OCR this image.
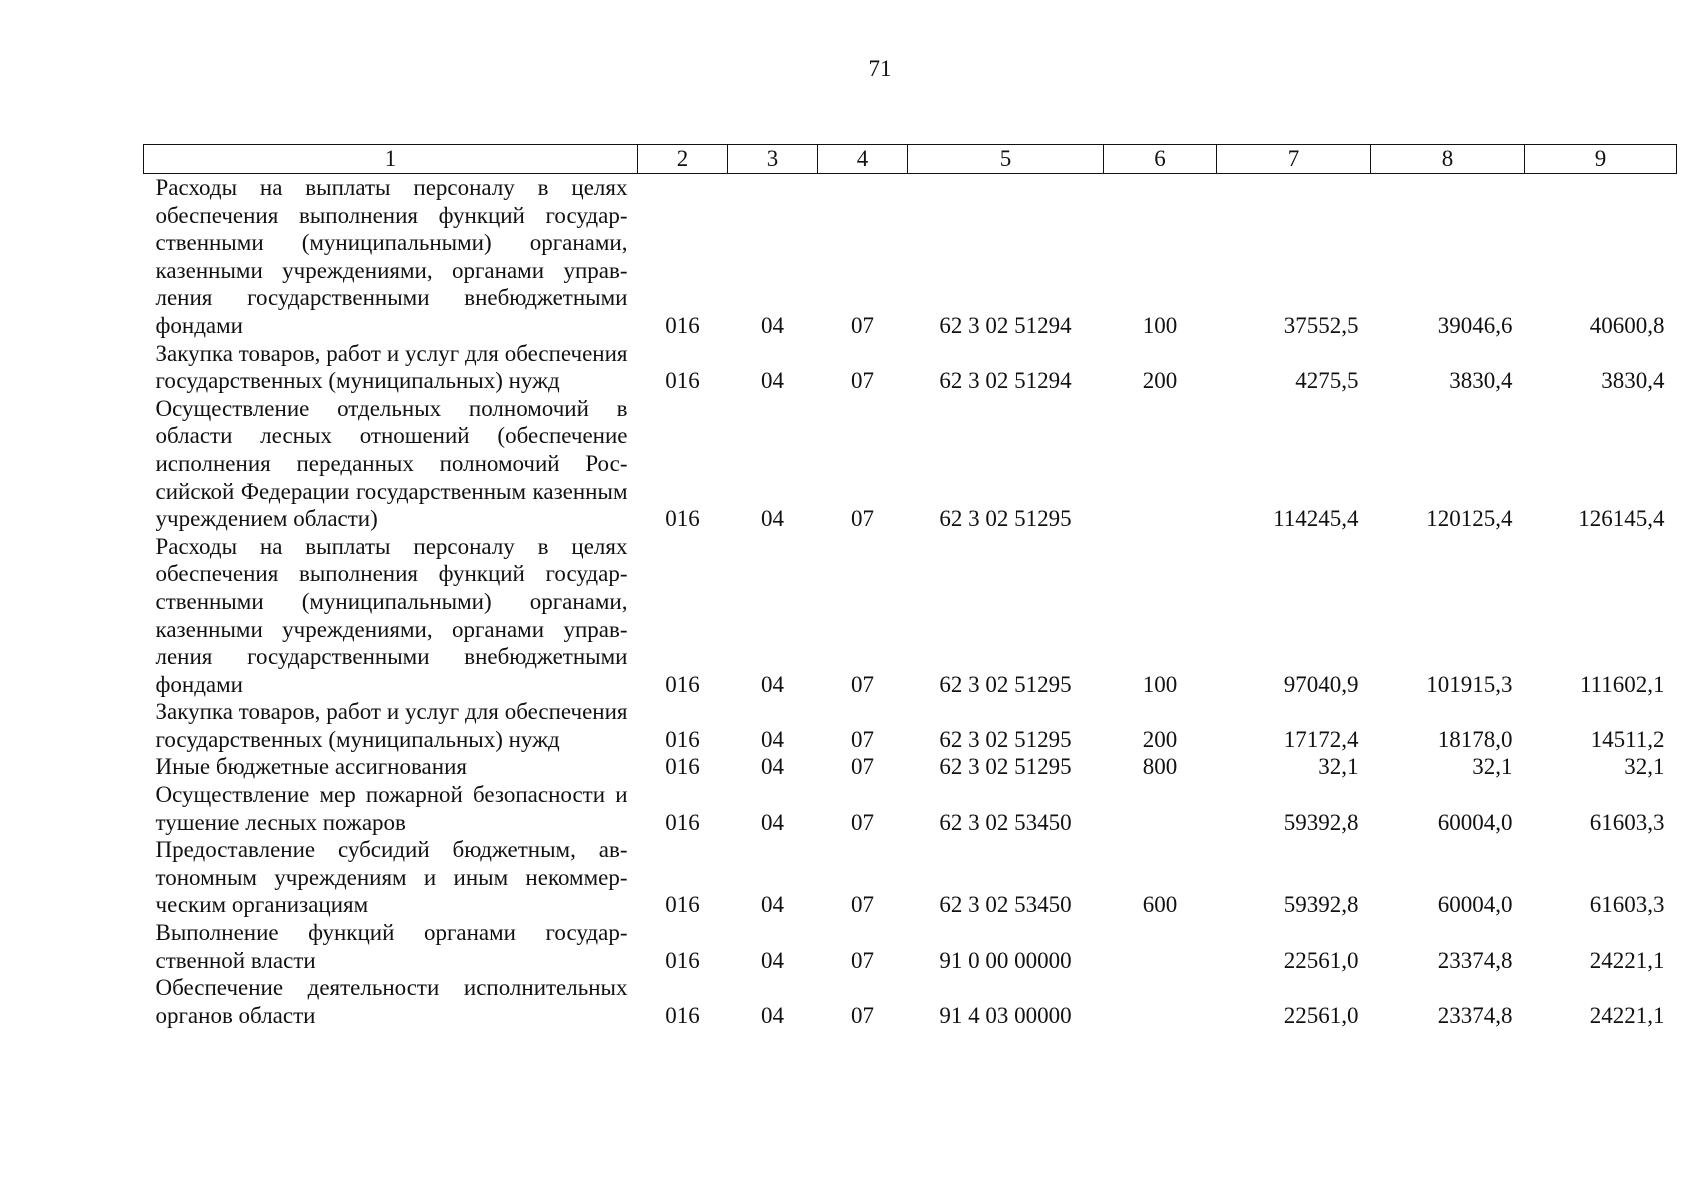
71
1	2	3	4	5	6	7	8	9
Расходы на выплаты персоналу в целях обеспечения выполнения функций государственными (муниципальными) органами, казенными учреждениями, органами управления государственными внебюджетными фондами	016	04	07	62 3 02 51294	100	37552,5	39046,6	40600,8
Закупка товаров, работ и услуг для обеспечения государственных (муниципальных) нужд	016	04	07	62 3 02 51294	200	4275,5	3830,4	3830,4
Осуществление отдельных полномочий в области лесных отношений (обеспечение исполнения переданных полномочий Российской Федерации государственным казенным учреждением области)	016	04	07	62 3 02 51295		114245,4	120125,4	126145,4
Расходы на выплаты персоналу в целях обеспечения выполнения функций государственными (муниципальными) органами, казенными учреждениями, органами управления государственными внебюджетными фондами	016	04	07	62 3 02 51295	100	97040,9	101915,3	111602,1
Закупка товаров, работ и услуг для обеспечения государственных (муниципальных) нужд	016	04	07	62 3 02 51295	200	17172,4	18178,0	14511,2
Иные бюджетные ассигнования	016	04	07	62 3 02 51295	800	32,1	32,1	32,1
Осуществление мер пожарной безопасности и тушение лесных пожаров	016	04	07	62 3 02 53450		59392,8	60004,0	61603,3
Предоставление субсидий бюджетным, автономным учреждениям и иным некоммерческим организациям	016	04	07	62 3 02 53450	600	59392,8	60004,0	61603,3
Выполнение функций органами государственной власти	016	04	07	91 0 00 00000		22561,0	23374,8	24221,1
Обеспечение деятельности исполнительных органов области	016	04	07	91 4 03 00000		22561,0	23374,8	24221,1
